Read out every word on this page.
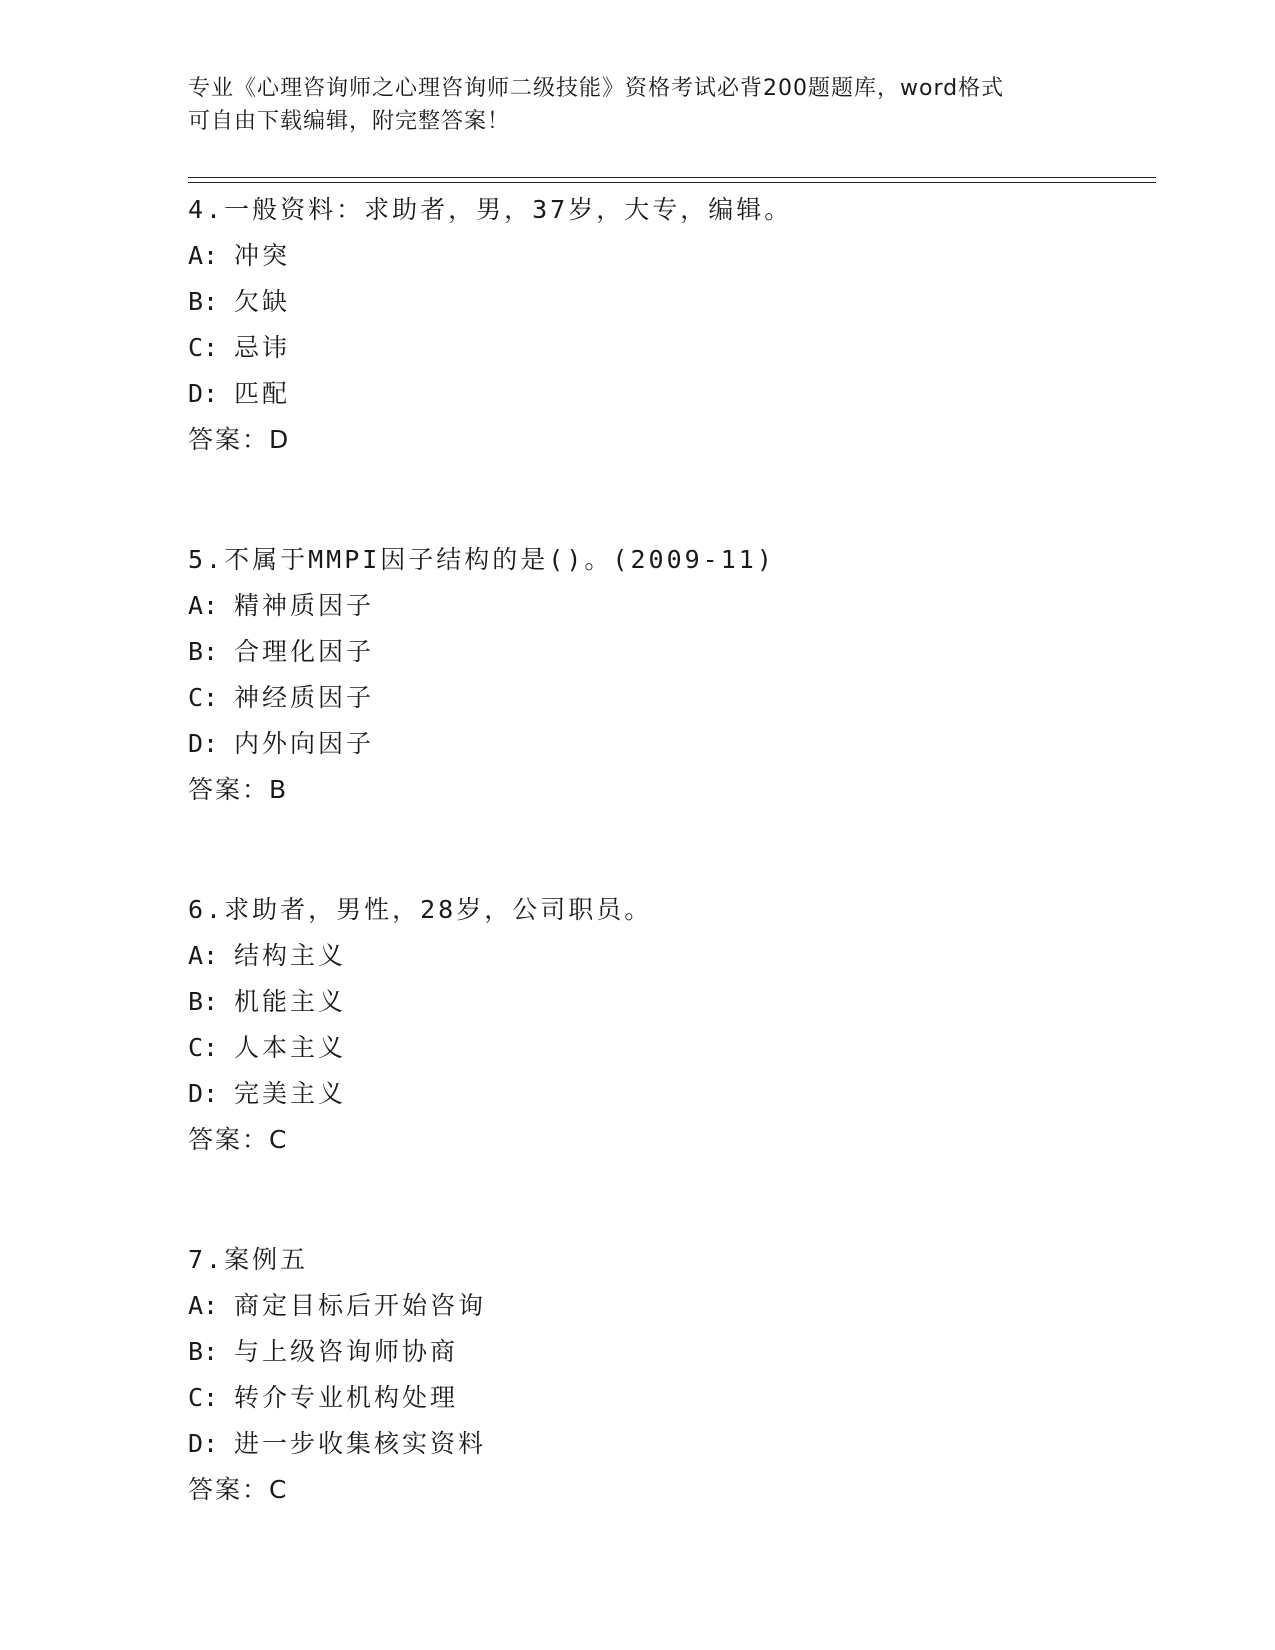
专业《心理咨询师之心理咨询师二级技能》资格考试必背200题题库，word格式
可自由下载编辑，附完整答案！
4.一般资料：求助者，男，37岁，大专，编辑。
A: 冲突
B: 欠缺
C: 忌讳
D: 匹配
答案：D
5.不属于MMPI因子结构的是()。(2009-11)
A: 精神质因子
B: 合理化因子
C: 神经质因子
D: 内外向因子
答案：B
6.求助者，男性，28岁，公司职员。
A: 结构主义
B: 机能主义
C: 人本主义
D: 完美主义
答案：C
7.案例五
A: 商定目标后开始咨询
B: 与上级咨询师协商
C: 转介专业机构处理
D: 进一步收集核实资料
答案：C
